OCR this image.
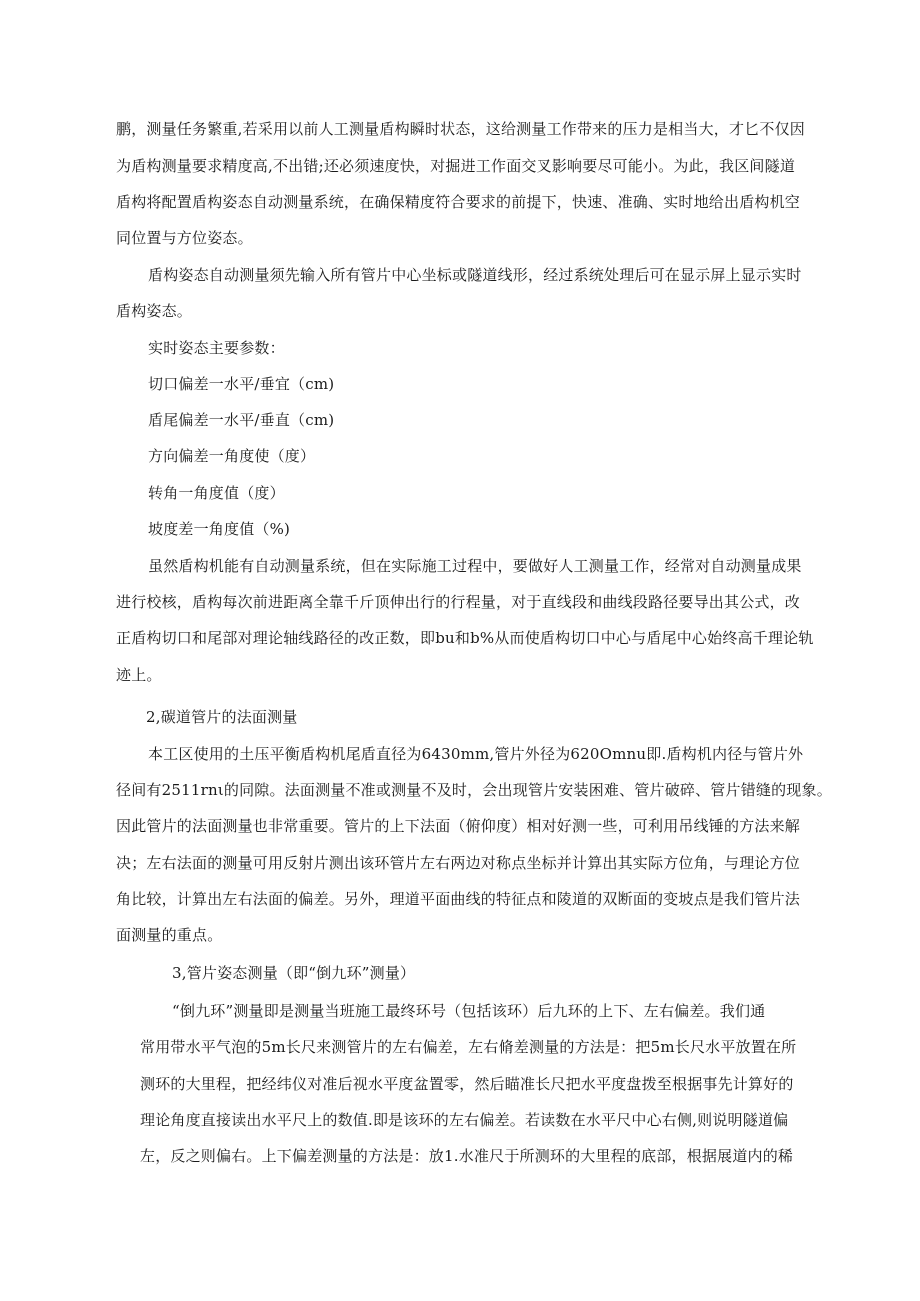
鹏，测量任务繁重,若采用以前人工测量盾构瞬时状态，这给测量工作带来的压力是相当大，才匕不仅因
为盾构测量要求精度高,不出错;还必须速度快，对掘进工作面交叉影响要尽可能小。为此，我区间隧道
盾构将配置盾构姿态自动测量系统，在确保精度符合要求的前提下，快速、准确、实时地给出盾构机空
同位置与方位姿态。
盾构姿态自动测量须先输入所有管片中心坐标或隧道线形，经过系统处理后可在显示屏上显示实时
盾构姿态。
实时姿态主要参数：
切口偏差一水平/垂宜（cm)
盾尾偏差一水平/垂直（cm)
方向偏差一角度使（度）
转角一角度值（度）
坡度差一角度值（%)
虽然盾构机能有自动测量系统，但在实际施工过程中，要做好人工测量工作，经常对自动测量成果
进行校核，盾构每次前进距离全靠千斤顶伸出行的行程量，对于直线段和曲线段路径要导出其公式，改
正盾构切口和尾部对理论轴线路径的改正数，即bu和b%从而使盾构切口中心与盾尾中心始终高千理论轨
迹上。
2,碳道管片的法面测量
本工区使用的土压平衡盾构机尾盾直径为6430mm,管片外径为620Omnu即.盾构机内径与管片外
径间有2511rnι的同隙。法面测量不准或测量不及时，会出现管片安装困难、管片破碎、管片错缝的现象。
因此管片的法面测量也非常重要。管片的上下法面（俯仰度）相对好测一些，可利用吊线锤的方法来解
决；左右法面的测量可用反射片测出该环管片左右两边对称点坐标并计算出其实际方位角，与理论方位
角比较，计算出左右法面的偏差。另外，理道平面曲线的特征点和陵道的双断面的变坡点是我们管片法
面测量的重点。
3,管片姿态测量（即“倒九环”测量）
“倒九环”测量即是测量当班施工最终环号（包括该环）后九环的上下、左右偏差。我们通
常用带水平气泡的5m长尺来测管片的左右偏差，左右脩差测量的方法是：把5m长尺水平放置在所
测环的大里程，把经纬仪对准后视水平度盆置零，然后瞄准长尺把水平度盘拨至根据事先计算好的
理论角度直接读出水平尺上的数值.即是该环的左右偏差。若读数在水平尺中心右侧,则说明隧道偏
左，反之则偏右。上下偏差测量的方法是：放1.水准尺于所测环的大里程的底部，根据展道内的稀
